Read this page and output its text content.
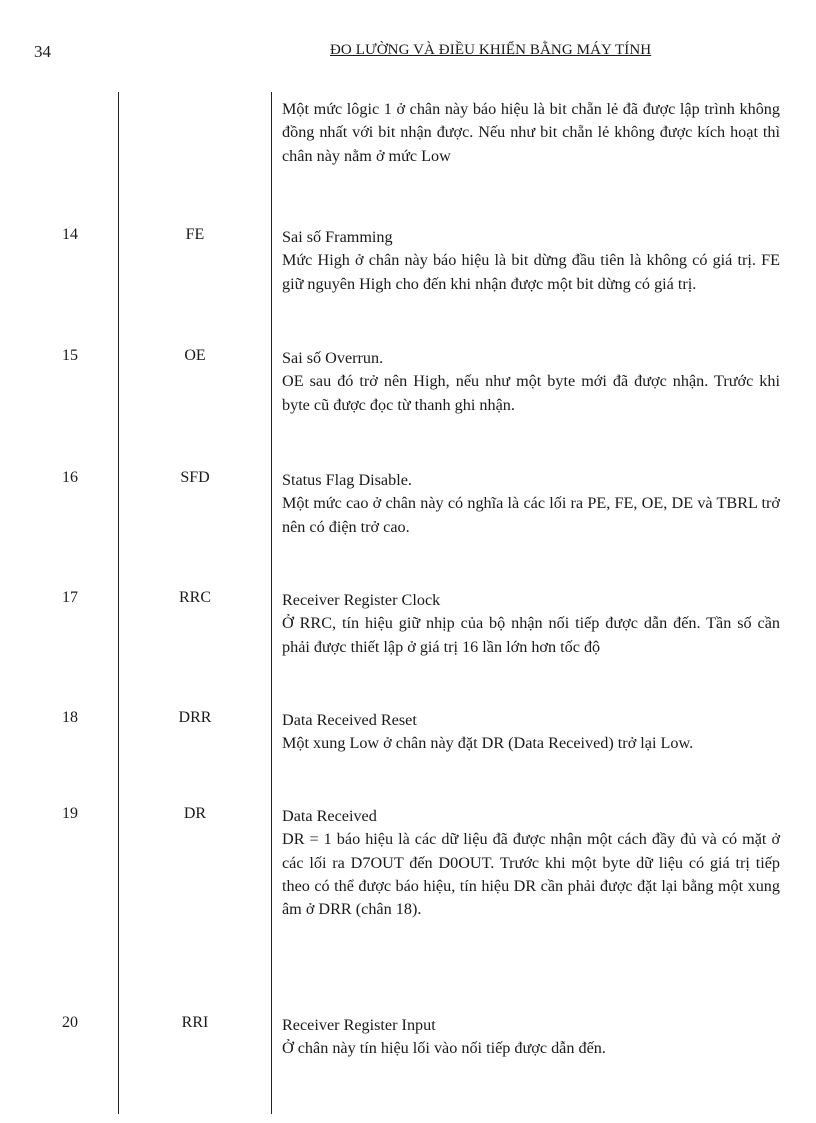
34	ĐO LƯỜNG VÀ ĐIỀU KHIỂN BẰNG MÁY TÍNH
Một mức lôgic 1 ở chân này báo hiệu là bit chẵn lẻ đã được lập trình không đồng nhất với bit nhận được. Nếu như bit chẵn lẻ không được kích hoạt thì chân này nằm ở mức Low
14	FE	Sai số Framming
Mức High ở chân này báo hiệu là bit dừng đầu tiên là không có giá trị. FE giữ nguyên High cho đến khi nhận được một bit dừng có giá trị.
15	OE	Sai số Overrun.
OE sau đó trở nên High, nếu như một byte mới đã được nhận. Trước khi byte cũ được đọc từ thanh ghi nhận.
16	SFD	Status Flag Disable.
Một mức cao ở chân này có nghĩa là các lối ra PE, FE, OE, DE và TBRL trở nên có điện trở cao.
17	RRC	Receiver Register Clock
Ở RRC, tín hiệu giữ nhịp của bộ nhận nối tiếp được dẫn đến. Tần số cần phải được thiết lập ở giá trị 16 lần lớn hơn tốc độ
18	DRR	Data Received Reset
Một xung Low ở chân này đặt DR (Data Received) trở lại Low.
19	DR	Data Received
DR = 1 báo hiệu là các dữ liệu đã được nhận một cách đầy đủ và có mặt ở các lối ra D7OUT đến D0OUT. Trước khi một byte dữ liệu có giá trị tiếp theo có thể được báo hiệu, tín hiệu DR cần phải được đặt lại bằng một xung âm ở DRR (chân 18).
20	RRI	Receiver Register Input
Ở chân này tín hiệu lối vào nối tiếp được dẫn đến.
